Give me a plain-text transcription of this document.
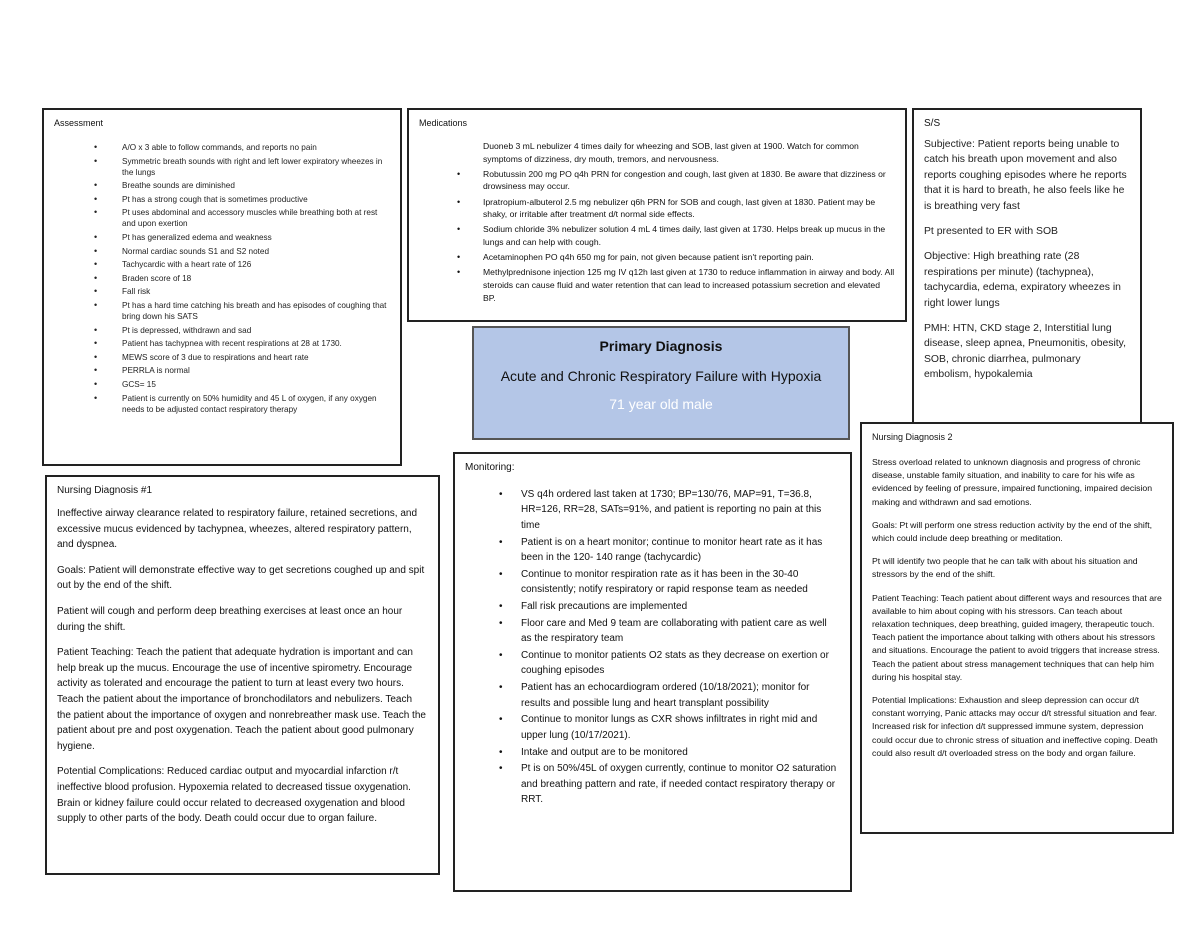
Assessment
• A/O x 3 able to follow commands, and reports no pain
• Symmetric breath sounds with right and left lower expiratory wheezes in the lungs
• Breathe sounds are diminished
• Pt has a strong cough that is sometimes productive
• Pt uses abdominal and accessory muscles while breathing both at rest and upon exertion
• Pt has generalized edema and weakness
• Normal cardiac sounds S1 and S2 noted
• Tachycardic with a heart rate of 126
• Braden score of 18
• Fall risk
• Pt has a hard time catching his breath and has episodes of coughing that bring down his SATS
• Pt is depressed, withdrawn and sad
• Patient has tachypnea with recent respirations at 28 at 1730.
• MEWS score of 3 due to respirations and heart rate
• PERRLA is normal
• GCS= 15
• Patient is currently on 50% humidity and 45 L of oxygen, if any oxygen needs to be adjusted contact respiratory therapy
Medications
Duoneb 3 mL nebulizer 4 times daily for wheezing and SOB, last given at 1900. Watch for common symptoms of dizziness, dry mouth, tremors, and nervousness.
• Robutussin 200 mg PO q4h PRN for congestion and cough, last given at 1830. Be aware that dizziness or drowsiness may occur.
• Ipratropium-albuterol 2.5 mg nebulizer q6h PRN for SOB and cough, last given at 1830. Patient may be shaky, or irritable after treatment d/t normal side effects.
• Sodium chloride 3% nebulizer solution 4 mL 4 times daily, last given at 1730. Helps break up mucus in the lungs and can help with cough.
• Acetaminophen PO q4h 650 mg for pain, not given because patient isn't reporting pain.
• Methylprednisone injection 125 mg IV q12h last given at 1730 to reduce inflammation in airway and body. All steroids can cause fluid and water retention that can lead to increased potassium secretion and elevated BP.
S/S

Subjective: Patient reports being unable to catch his breath upon movement and also reports coughing episodes where he reports that it is hard to breath, he also feels like he is breathing very fast

Pt presented to ER with SOB

Objective: High breathing rate (28 respirations per minute) (tachypnea), tachycardia, edema, expiratory wheezes in right lower lungs

PMH: HTN, CKD stage 2, Interstitial lung disease, sleep apnea, Pneumonitis, obesity, SOB, chronic diarrhea, pulmonary embolism, hypokalemia

Primary Diagnosis
Acute and Chronic Respiratory Failure with Hypoxia
71 year old male
Nursing Diagnosis 2

Stress overload related to unknown diagnosis and progress of chronic disease, unstable family situation, and inability to care for his wife as evidenced by feeling of pressure, impaired functioning, impaired decision making and withdrawn and sad emotions.

Goals: Pt will perform one stress reduction activity by the end of the shift, which could include deep breathing or meditation.

Pt will identify two people that he can talk with about his situation and stressors by the end of the shift.

Patient Teaching: Teach patient about different ways and resources that are available to him about coping with his stressors. Can teach about relaxation techniques, deep breathing, guided imagery, therapeutic touch. Teach patient the importance about talking with others about his stressors and situations. Encourage the patient to avoid triggers that increase stress. Teach the patient about stress management techniques that can help him during his hospital stay.

Potential Implications: Exhaustion and sleep depression can occur d/t constant worrying, Panic attacks may occur d/t stressful situation and fear. Increased risk for infection d/t suppressed immune system, depression could occur due to chronic stress of situation and ineffective coping. Death could also result d/t overloaded stress on the body and organ failure.

Monitoring:
• VS q4h ordered last taken at 1730; BP=130/76, MAP=91, T=36.8, HR=126, RR=28, SATs=91%, and patient is reporting no pain at this time
• Patient is on a heart monitor; continue to monitor heart rate as it has been in the 120- 140 range (tachycardic)
• Continue to monitor respiration rate as it has been in the 30-40 consistently; notify respiratory or rapid response team as needed
• Fall risk precautions are implemented
• Floor care and Med 9 team are collaborating with patient care as well as the respiratory team
• Continue to monitor patients O2 stats as they decrease on exertion or coughing episodes
• Patient has an echocardiogram ordered (10/18/2021); monitor for results and possible lung and heart transplant possibility
• Continue to monitor lungs as CXR shows infiltrates in right mid and upper lung (10/17/2021).
• Intake and output are to be monitored
• Pt is on 50%/45L of oxygen currently, continue to monitor O2 saturation and breathing pattern and rate, if needed contact respiratory therapy or RRT.
Nursing Diagnosis #1

Ineffective airway clearance related to respiratory failure, retained secretions, and excessive mucus evidenced by tachypnea, wheezes, altered respiratory pattern, and dyspnea.

Goals: Patient will demonstrate effective way to get secretions coughed up and spit out by the end of the shift.

Patient will cough and perform deep breathing exercises at least once an hour during the shift.

Patient Teaching: Teach the patient that adequate hydration is important and can help break up the mucus. Encourage the use of incentive spirometry. Encourage activity as tolerated and encourage the patient to turn at least every two hours. Teach the patient about the importance of bronchodilators and nebulizers. Teach the patient about the importance of oxygen and nonrebreather mask use. Teach the patient about pre and post oxygenation. Teach the patient about good pulmonary hygiene.

Potential Complications: Reduced cardiac output and myocardial infarction r/t ineffective blood profusion. Hypoxemia related to decreased tissue oxygenation. Brain or kidney failure could occur related to decreased oxygenation and blood supply to other parts of the body. Death could occur due to organ failure.
